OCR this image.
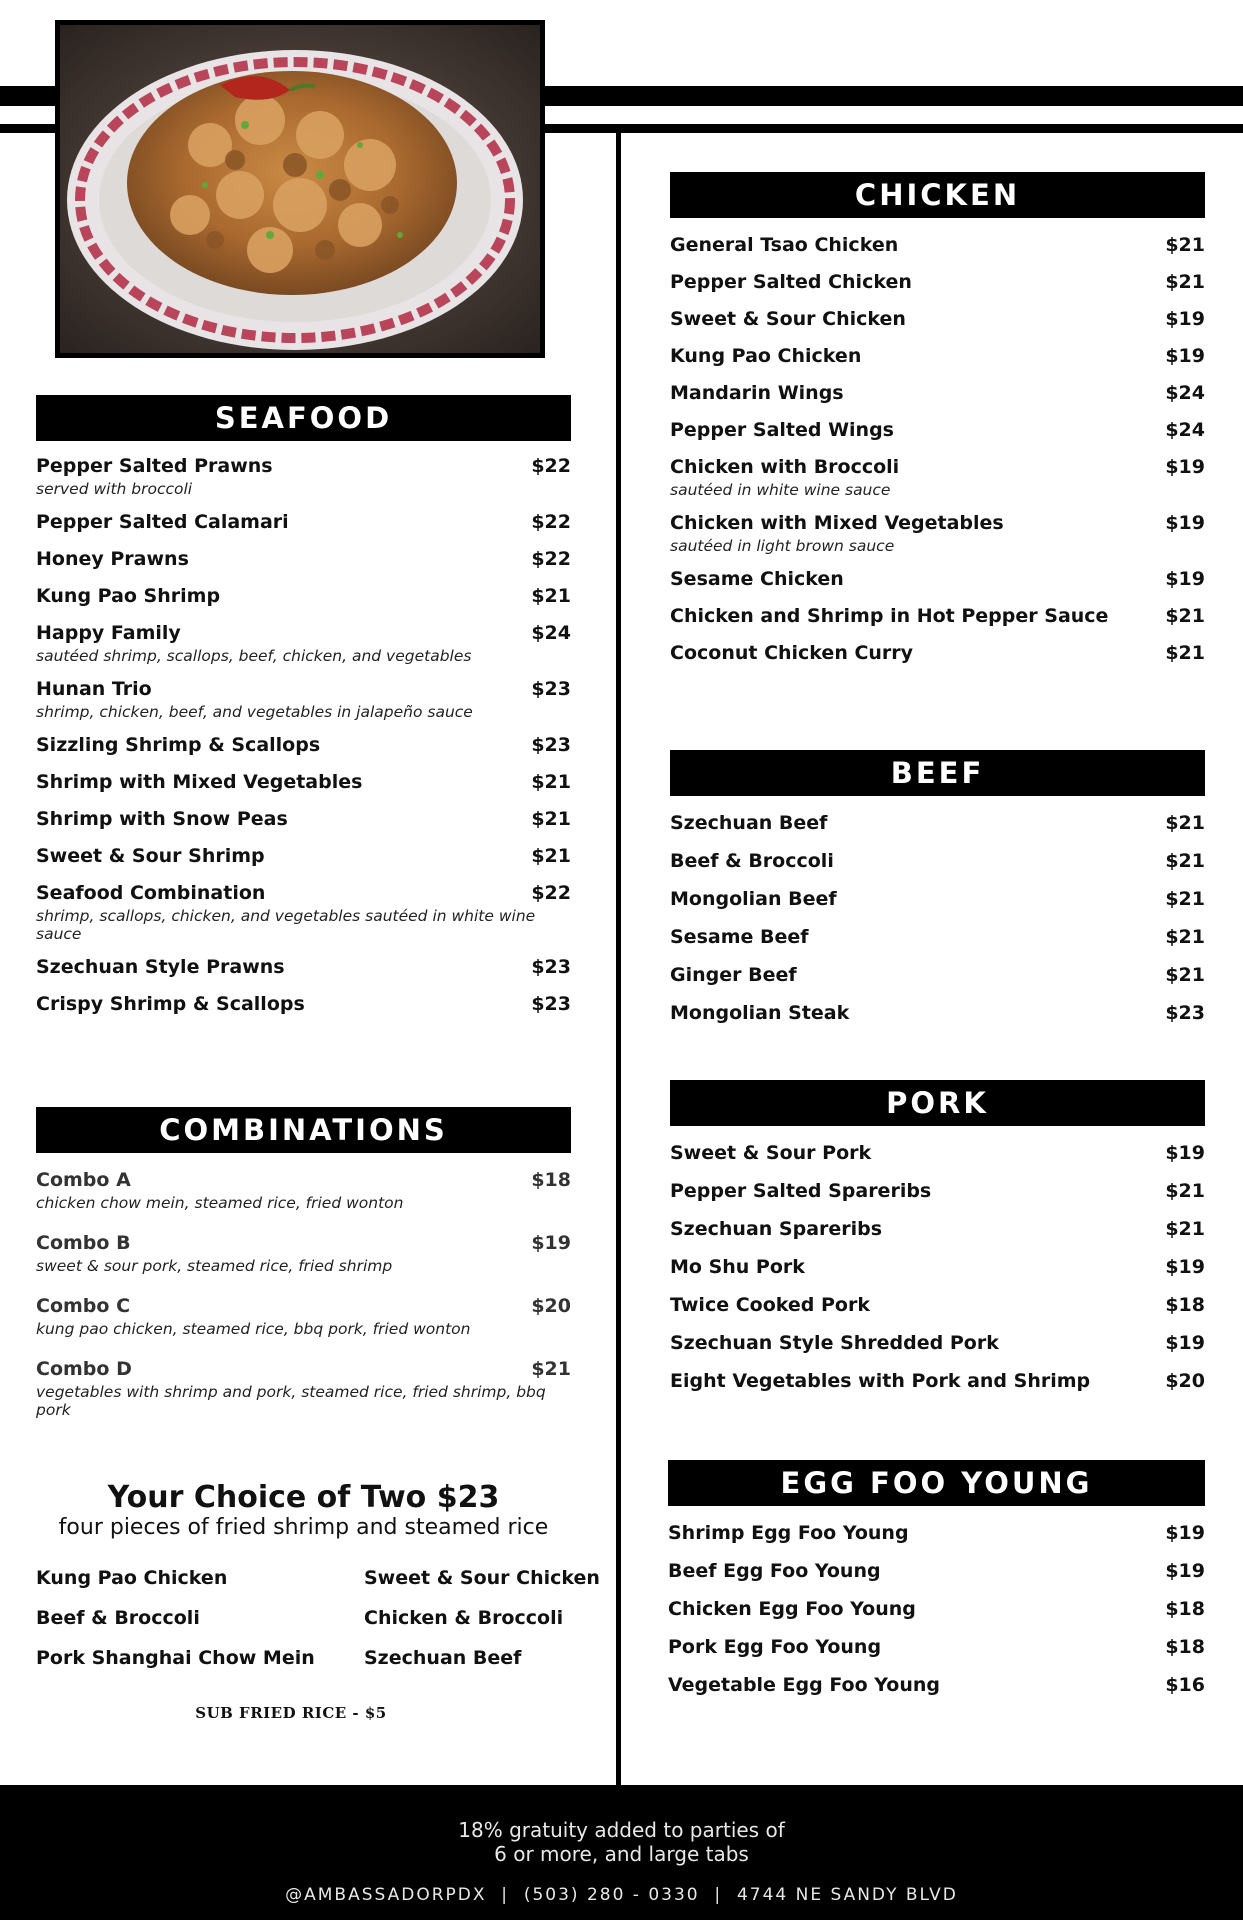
SEAFOOD
Pepper Salted Prawns	$22
served with broccoli
Pepper Salted Calamari	$22
Honey Prawns	$22
Kung Pao Shrimp	$21
Happy Family	$24
sautéed shrimp, scallops, beef, chicken, and vegetables
Hunan Trio	$23
shrimp, chicken, beef, and vegetables in jalapeño sauce
Sizzling Shrimp & Scallops	$23
Shrimp with Mixed Vegetables	$21
Shrimp with Snow Peas	$21
Sweet & Sour Shrimp	$21
Seafood Combination	$22
shrimp, scallops, chicken, and vegetables sautéed in white wine sauce
Szechuan Style Prawns	$23
Crispy Shrimp & Scallops	$23
COMBINATIONS
Combo A	$18
chicken chow mein, steamed rice, fried wonton
Combo B	$19
sweet & sour pork, steamed rice, fried shrimp
Combo C	$20
kung pao chicken, steamed rice, bbq pork, fried wonton
Combo D	$21
vegetables with shrimp and pork, steamed rice, fried shrimp, bbq pork
Your Choice of Two $23
four pieces of fried shrimp and steamed rice
Kung Pao Chicken	Sweet & Sour Chicken
Beef & Broccoli	Chicken & Broccoli
Pork Shanghai Chow Mein	Szechuan Beef
SUB FRIED RICE - $5
CHICKEN
General Tsao Chicken	$21
Pepper Salted Chicken	$21
Sweet & Sour Chicken	$19
Kung Pao Chicken	$19
Mandarin Wings	$24
Pepper Salted Wings	$24
Chicken with Broccoli	$19
sautéed in white wine sauce
Chicken with Mixed Vegetables	$19
sautéed in light brown sauce
Sesame Chicken	$19
Chicken and Shrimp in Hot Pepper Sauce	$21
Coconut Chicken Curry	$21
BEEF
Szechuan Beef	$21
Beef & Broccoli	$21
Mongolian Beef	$21
Sesame Beef	$21
Ginger Beef	$21
Mongolian Steak	$23
PORK
Sweet & Sour Pork	$19
Pepper Salted Spareribs	$21
Szechuan Spareribs	$21
Mo Shu Pork	$19
Twice Cooked Pork	$18
Szechuan Style Shredded Pork	$19
Eight Vegetables with Pork and Shrimp	$20
EGG FOO YOUNG
Shrimp Egg Foo Young	$19
Beef Egg Foo Young	$19
Chicken Egg Foo Young	$18
Pork Egg Foo Young	$18
Vegetable Egg Foo Young	$16
18% gratuity added to parties of
6 or more, and large tabs
@AMBASSADORPDX  |  (503) 280 - 0330  |  4744 NE SANDY BLVD
